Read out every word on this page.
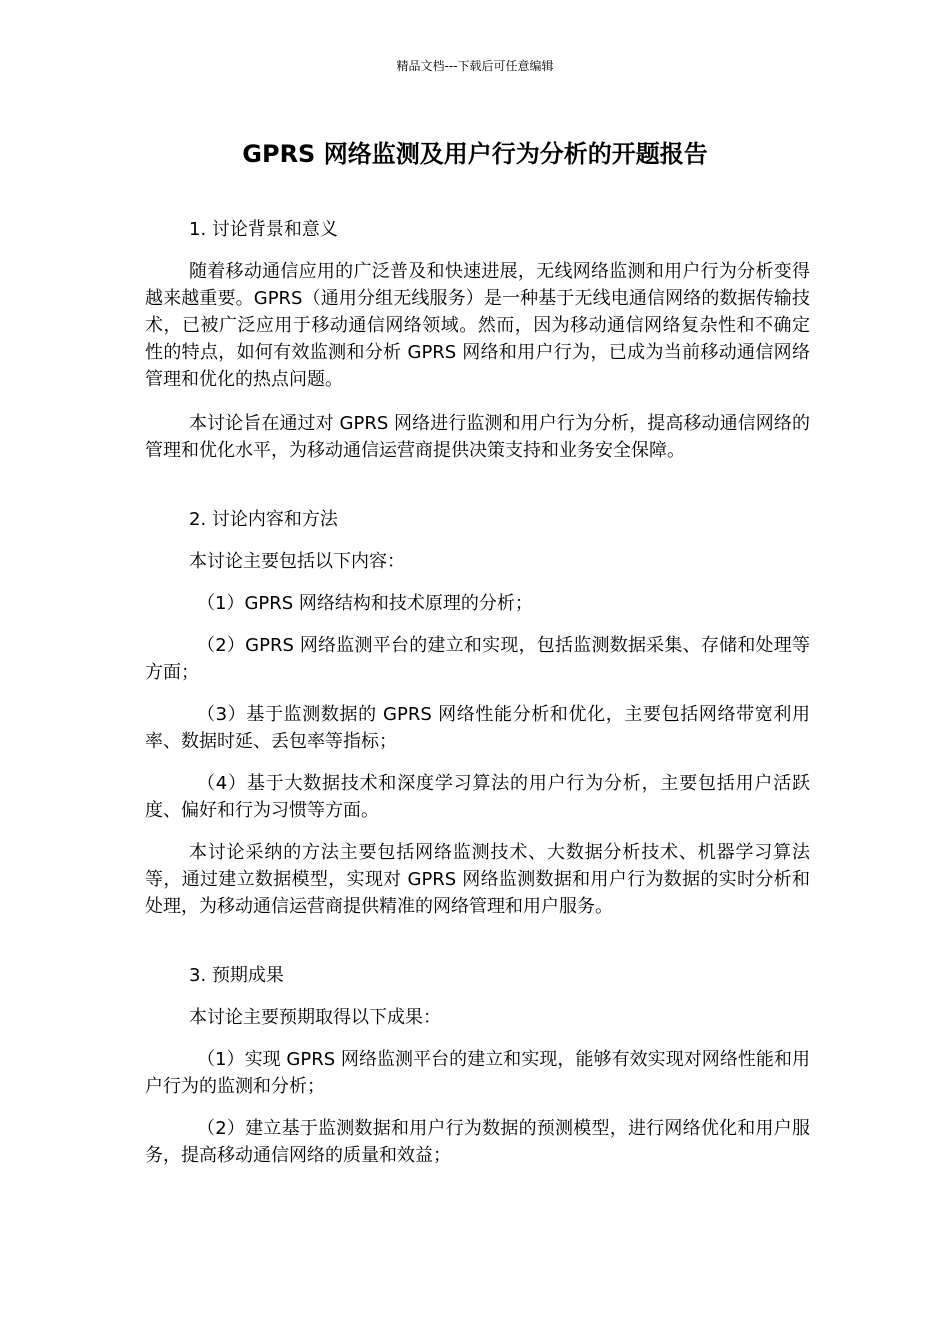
精品文档---下载后可任意编辑
GPRS 网络监测及用户行为分析的开题报告

1. 讨论背景和意义

随着移动通信应用的广泛普及和快速进展，无线网络监测和用户行为分析变得越来越重要。GPRS（通用分组无线服务）是一种基于无线电通信网络的数据传输技术，已被广泛应用于移动通信网络领域。然而，因为移动通信网络复杂性和不确定性的特点，如何有效监测和分析 GPRS 网络和用户行为，已成为当前移动通信网络管理和优化的热点问题。

本讨论旨在通过对 GPRS 网络进行监测和用户行为分析，提高移动通信网络的管理和优化水平，为移动通信运营商提供决策支持和业务安全保障。

2. 讨论内容和方法

本讨论主要包括以下内容：

（1）GPRS 网络结构和技术原理的分析；

（2）GPRS 网络监测平台的建立和实现，包括监测数据采集、存储和处理等方面；

（3）基于监测数据的 GPRS 网络性能分析和优化，主要包括网络带宽利用率、数据时延、丢包率等指标；

（4）基于大数据技术和深度学习算法的用户行为分析，主要包括用户活跃度、偏好和行为习惯等方面。

本讨论采纳的方法主要包括网络监测技术、大数据分析技术、机器学习算法等，通过建立数据模型，实现对 GPRS 网络监测数据和用户行为数据的实时分析和处理，为移动通信运营商提供精准的网络管理和用户服务。

3. 预期成果

本讨论主要预期取得以下成果：

（1）实现 GPRS 网络监测平台的建立和实现，能够有效实现对网络性能和用户行为的监测和分析；

（2）建立基于监测数据和用户行为数据的预测模型，进行网络优化和用户服务，提高移动通信网络的质量和效益；
